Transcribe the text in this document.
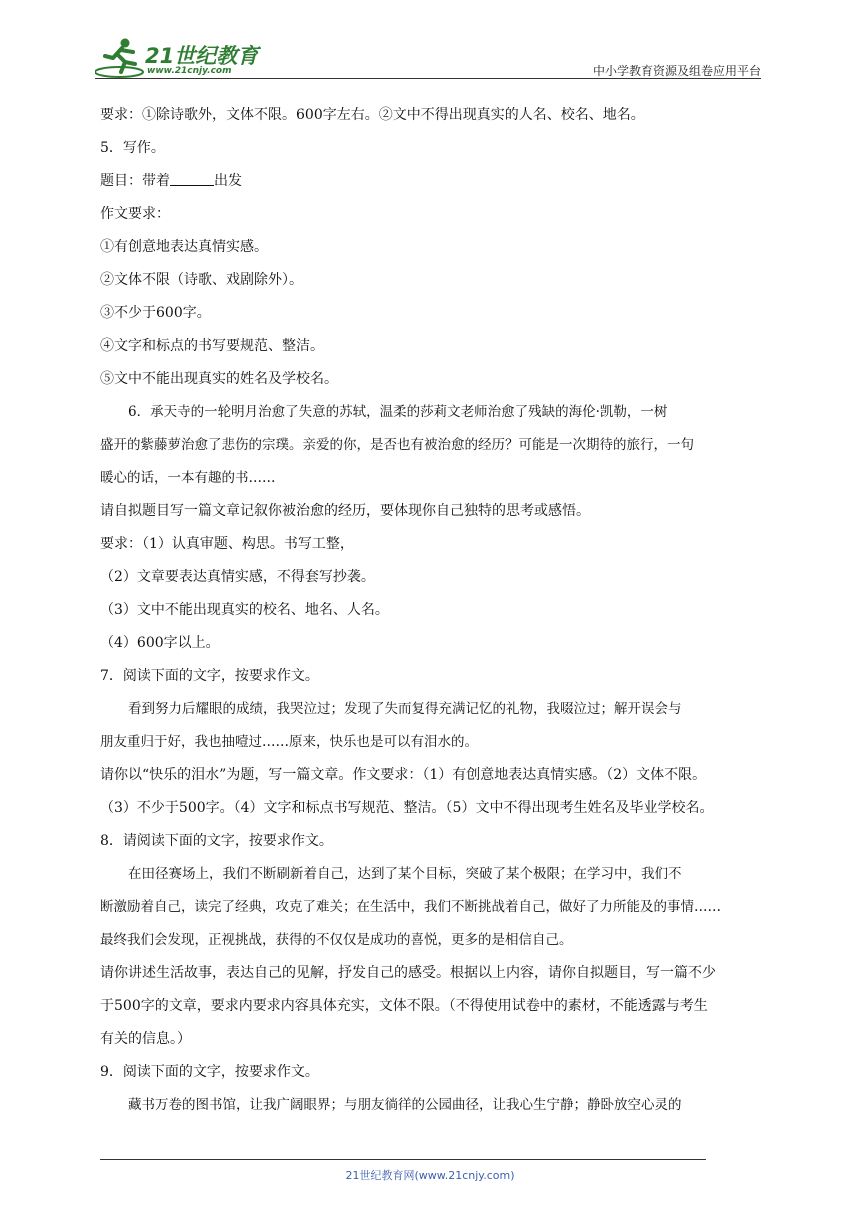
21世纪教育
www.21cnjy.com	中小学教育资源及组卷应用平台

要求：①除诗歌外，文体不限。600字左右。②文中不得出现真实的人名、校名、地名。

5．写作。

题目：带着	出发

作文要求：

①有创意地表达真情实感。

②文体不限（诗歌、戏剧除外）。

③不少于600字。

④文字和标点的书写要规范、整洁。

⑤文中不能出现真实的姓名及学校名。

6．承天寺的一轮明月治愈了失意的苏轼，温柔的莎莉文老师治愈了残缺的海伦·凯勒，一树

盛开的紫藤萝治愈了悲伤的宗璞。亲爱的你，是否也有被治愈的经历？可能是一次期待的旅行，一句

暖心的话，一本有趣的书……

请自拟题目写一篇文章记叙你被治愈的经历，要体现你自己独特的思考或感悟。

要求：（1）认真审题、构思。书写工整，

（2）文章要表达真情实感，不得套写抄袭。

（3）文中不能出现真实的校名、地名、人名。

（4）600字以上。

7．阅读下面的文字，按要求作文。

看到努力后耀眼的成绩，我哭泣过；发现了失而复得充满记忆的礼物，我啜泣过；解开误会与

朋友重归于好，我也抽噎过……原来，快乐也是可以有泪水的。

请你以“快乐的泪水”为题，写一篇文章。作文要求：（1）有创意地表达真情实感。（2）文体不限。

（3）不少于500字。（4）文字和标点书写规范、整洁。（5）文中不得出现考生姓名及毕业学校名。

8．请阅读下面的文字，按要求作文。

在田径赛场上，我们不断刷新着自己，达到了某个目标，突破了某个极限；在学习中，我们不

断激励着自己，读完了经典，攻克了难关；在生活中，我们不断挑战着自己，做好了力所能及的事情……

最终我们会发现，正视挑战，获得的不仅仅是成功的喜悦，更多的是相信自己。

请你讲述生活故事，表达自己的见解，抒发自己的感受。根据以上内容，请你自拟题目，写一篇不少

于500字的文章，要求内要求内容具体充实，文体不限。（不得使用试卷中的素材，不能透露与考生

有关的信息。）

9．阅读下面的文字，按要求作文。

藏书万卷的图书馆，让我广阔眼界；与朋友徜徉的公园曲径，让我心生宁静；静卧放空心灵的

21世纪教育网(www.21cnjy.com)
